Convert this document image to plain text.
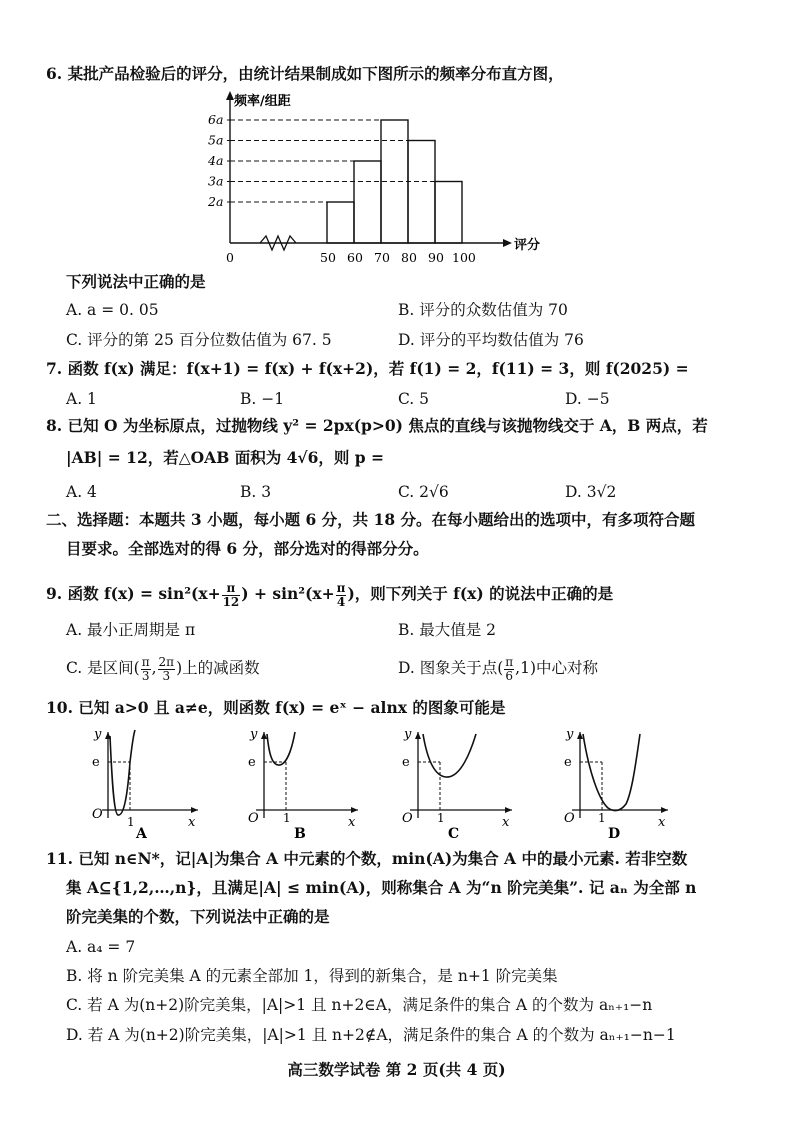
6. 某批产品检验后的评分，由统计结果制成如下图所示的频率分布直方图，
频率/组距
评分
2a
3a
4a
5a
6a
0	50 60 70 80 90 100
下列说法中正确的是
A. a = 0. 05	B. 评分的众数估值为 70
C. 评分的第 25 百分位数估值为 67. 5	D. 评分的平均数估值为 76
7. 函数 f(x) 满足：f(x+1) = f(x) + f(x+2)，若 f(1) = 2，f(11) = 3，则 f(2025) =
A. 1	B. −1	C. 5	D. −5
8. 已知 O 为坐标原点，过抛物线 y² = 2px(p>0) 焦点的直线与该抛物线交于 A，B 两点，若
|AB| = 12，若△OAB 面积为 4√6，则 p =
A. 4	B. 3	C. 2√6	D. 3√2
二、选择题：本题共 3 小题，每小题 6 分，共 18 分。在每小题给出的选项中，有多项符合题
目要求。全部选对的得 6 分，部分选对的得部分分。
9. 函数 $f(x) = \sin^2(x+ \frac{\pi}{12}$ ) + $\sin^2(x+ \frac{\pi}{4}$ )，则下列关于 f(x) 的说法中正确的是
A. 最小正周期是 π	B. 最大值是 2
C. 是区间( $\frac{\pi}{3}$ , $\frac{2\pi}{3}$ )上的减函数	D. 图象关于点( $\frac{\pi}{6} ,1$)中心对称
10. 已知 a>0 且 a≠e，则函数 f(x) = eˣ − alnx 的图象可能是
y
e
O 1	x
A
y
e
O 1	x
B
y
e
O 1	x
C
y
e
O 1	x
D
11. 已知 n∈N*，记|A|为集合 A 中元素的个数，min(A)为集合 A 中的最小元素. 若非空数
集 A⊆{1,2,…,n}，且满足|A| ≤ min(A)，则称集合 A 为“n 阶完美集”. 记 aₙ 为全部 n
阶完美集的个数，下列说法中正确的是
A. a₄ = 7
B. 将 n 阶完美集 A 的元素全部加 1，得到的新集合，是 n+1 阶完美集
C. 若 A 为(n+2)阶完美集，|A|>1 且 n+2∈A，满足条件的集合 A 的个数为 aₙ₊₁−n
D. 若 A 为(n+2)阶完美集，|A|>1 且 n+2∉A，满足条件的集合 A 的个数为 aₙ₊₁−n−1
高三数学试卷 第 2 页(共 4 页)
